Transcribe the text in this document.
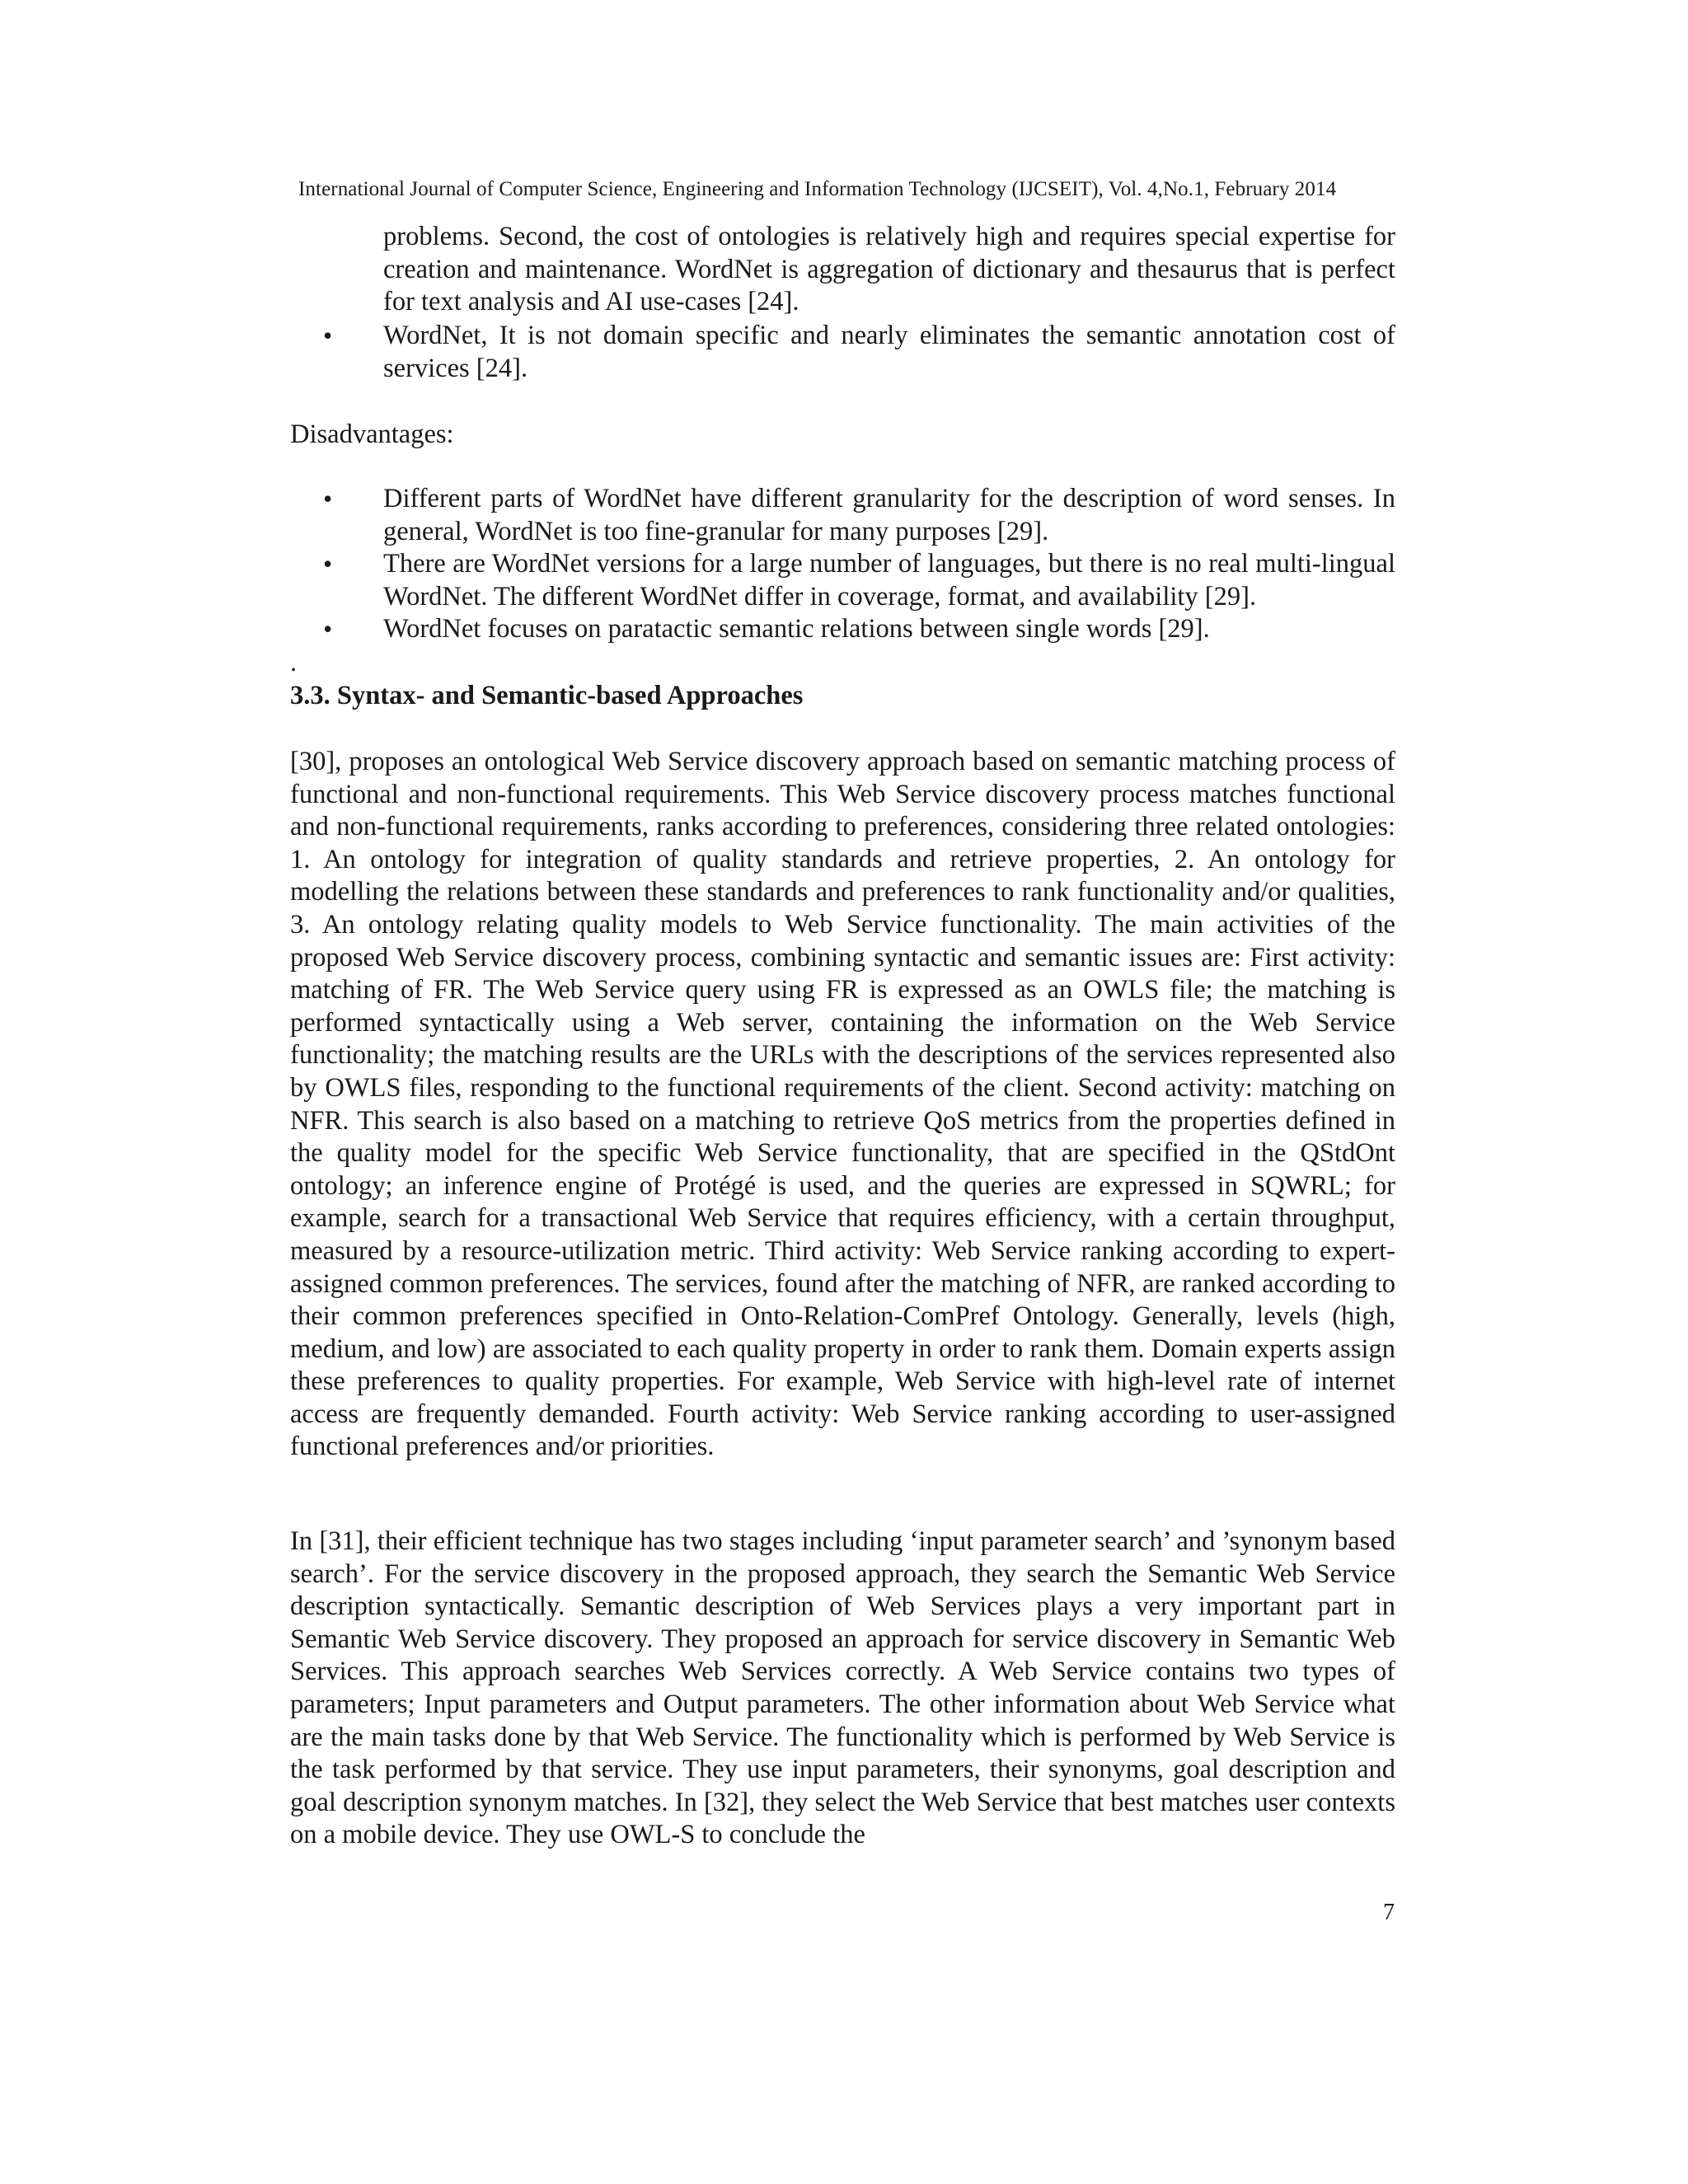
International Journal of Computer Science, Engineering and Information Technology (IJCSEIT), Vol. 4,No.1, February 2014
problems. Second, the cost of ontologies is relatively high and requires special expertise for creation and maintenance. WordNet is aggregation of dictionary and thesaurus that is perfect for text analysis and AI use-cases [24].
• WordNet, It is not domain specific and nearly eliminates the semantic annotation cost of services [24].
Disadvantages:
• Different parts of WordNet have different granularity for the description of word senses. In general, WordNet is too fine-granular for many purposes [29].
• There are WordNet versions for a large number of languages, but there is no real multi-lingual WordNet. The different WordNet differ in coverage, format, and availability [29].
• WordNet focuses on paratactic semantic relations between single words [29].
.
3.3. Syntax- and Semantic-based Approaches

[30], proposes an ontological Web Service discovery approach based on semantic matching process of functional and non-functional requirements. This Web Service discovery process matches functional and non-functional requirements, ranks according to preferences, considering three related ontologies: 1. An ontology for integration of quality standards and retrieve properties, 2. An ontology for modelling the relations between these standards and preferences to rank functionality and/or qualities, 3. An ontology relating quality models to Web Service functionality. The main activities of the proposed Web Service discovery process, combining syntactic and semantic issues are: First activity: matching of FR. The Web Service query using FR is expressed as an OWLS file; the matching is performed syntactically using a Web server, containing the information on the Web Service functionality; the matching results are the URLs with the descriptions of the services represented also by OWLS files, responding to the functional requirements of the client. Second activity: matching on NFR. This search is also based on a matching to retrieve QoS metrics from the properties defined in the quality model for the specific Web Service functionality, that are specified in the QStdOnt ontology; an inference engine of Protégé is used, and the queries are expressed in SQWRL; for example, search for a transactional Web Service that requires efficiency, with a certain throughput, measured by a resource-utilization metric. Third activity: Web Service ranking according to expert-assigned common preferences. The services, found after the matching of NFR, are ranked according to their common preferences specified in Onto-Relation-ComPref Ontology. Generally, levels (high, medium, and low) are associated to each quality property in order to rank them. Domain experts assign these preferences to quality properties. For example, Web Service with high-level rate of internet access are frequently demanded. Fourth activity: Web Service ranking according to user-assigned functional preferences and/or priorities.

In [31], their efficient technique has two stages including ‘input parameter search’ and ’synonym based search’. For the service discovery in the proposed approach, they search the Semantic Web Service description syntactically. Semantic description of Web Services plays a very important part in Semantic Web Service discovery. They proposed an approach for service discovery in Semantic Web Services. This approach searches Web Services correctly. A Web Service contains two types of parameters; Input parameters and Output parameters. The other information about Web Service what are the main tasks done by that Web Service. The functionality which is performed by Web Service is the task performed by that service. They use input parameters, their synonyms, goal description and goal description synonym matches. In [32], they select the Web Service that best matches user contexts on a mobile device. They use OWL-S to conclude the

7
